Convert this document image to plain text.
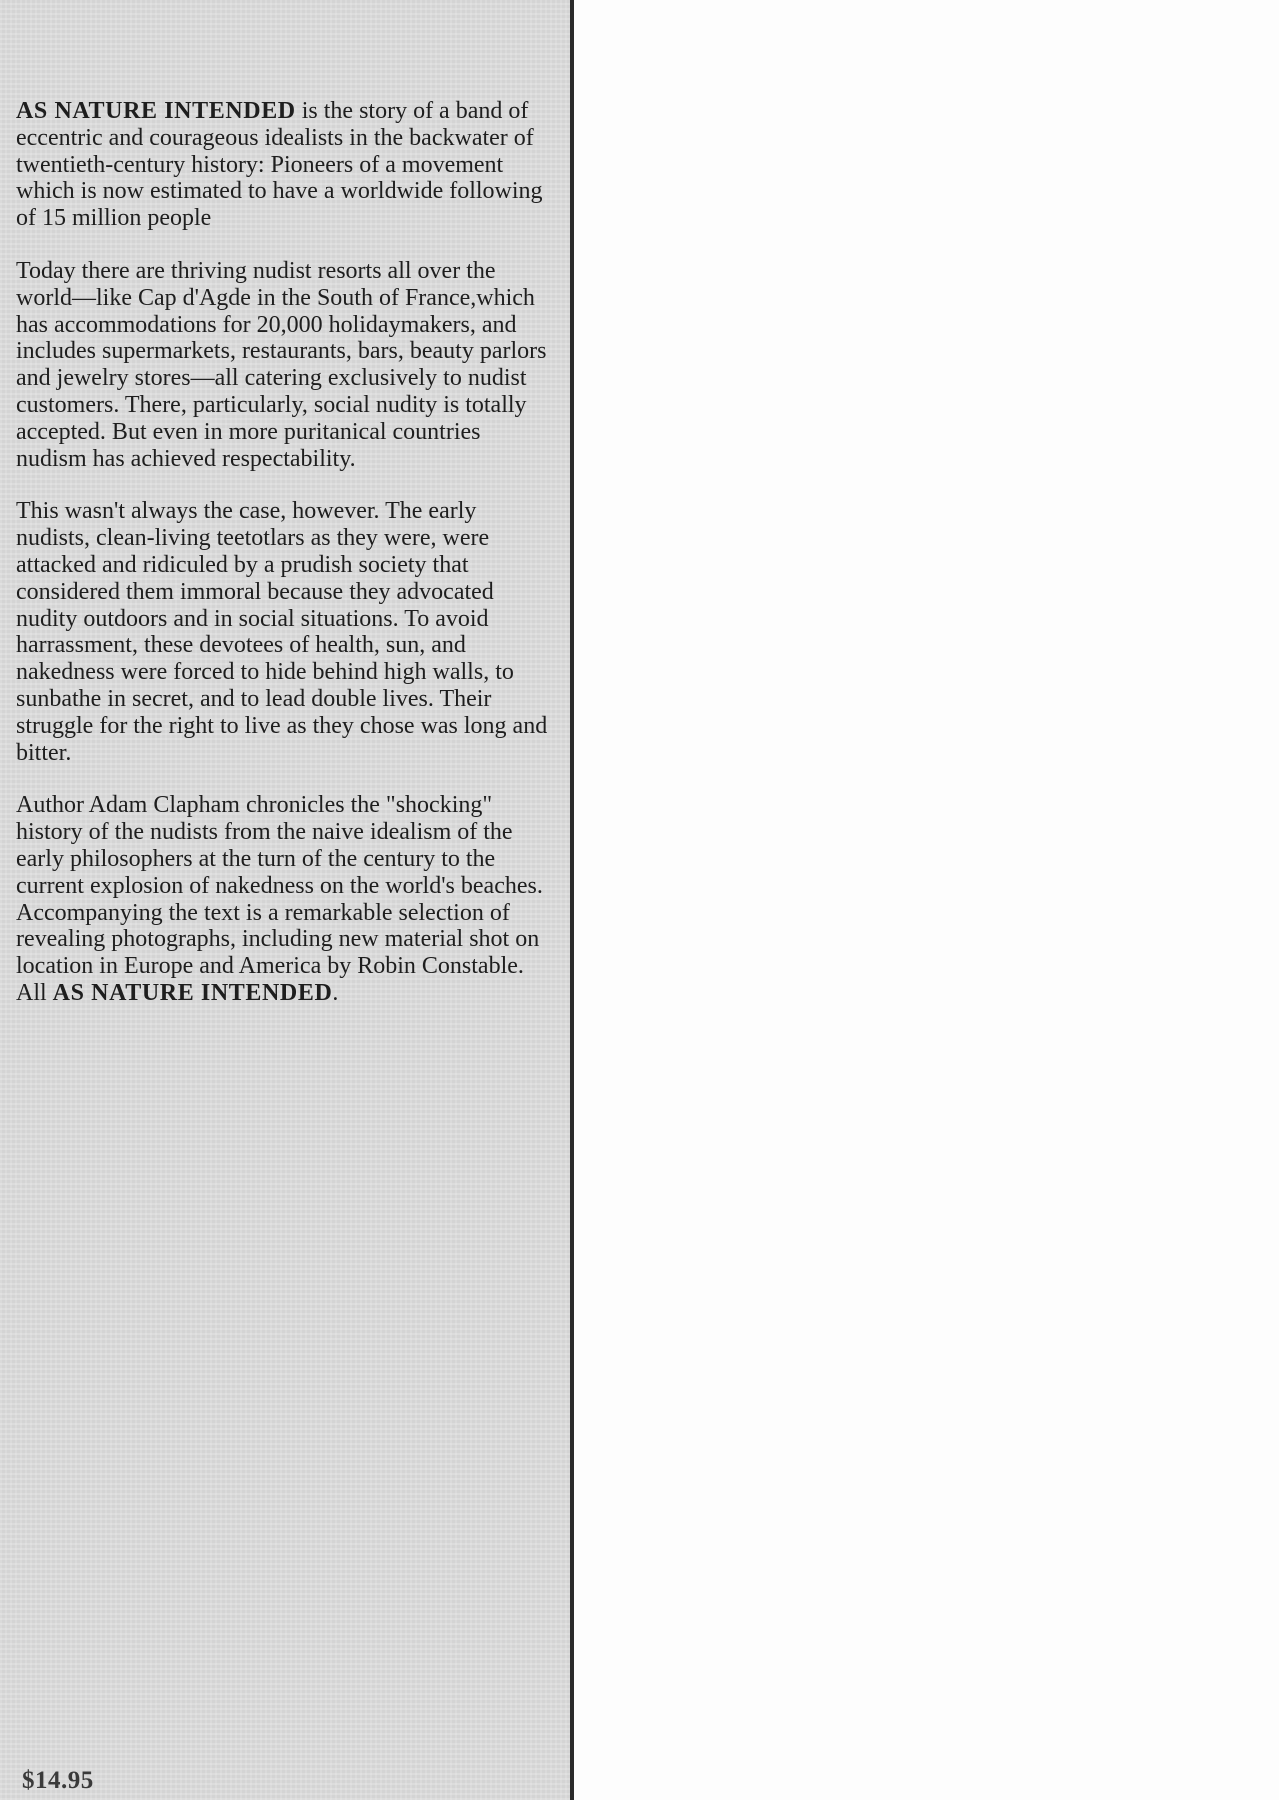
AS NATURE INTENDED is the story of a band of eccentric and courageous idealists in the backwater of twentieth-century history: Pioneers of a movement which is now estimated to have a worldwide following of 15 million people

Today there are thriving nudist resorts all over the world—like Cap d'Agde in the South of France,which has accommodations for 20,000 holidaymakers, and includes supermarkets, restaurants, bars, beauty parlors and jewelry stores—all catering exclusively to nudist customers. There, particularly, social nudity is totally accepted. But even in more puritanical countries nudism has achieved respectability.

This wasn't always the case, however. The early nudists, clean-living teetotlars as they were, were attacked and ridiculed by a prudish society that considered them immoral because they advocated nudity outdoors and in social situations. To avoid harrassment, these devotees of health, sun, and nakedness were forced to hide behind high walls, to sunbathe in secret, and to lead double lives. Their struggle for the right to live as they chose was long and bitter.

Author Adam Clapham chronicles the "shocking" history of the nudists from the naive idealism of the early philosophers at the turn of the century to the current explosion of nakedness on the world's beaches. Accompanying the text is a remarkable selection of revealing photographs, including new material shot on location in Europe and America by Robin Constable. All AS NATURE INTENDED.

$14.95
